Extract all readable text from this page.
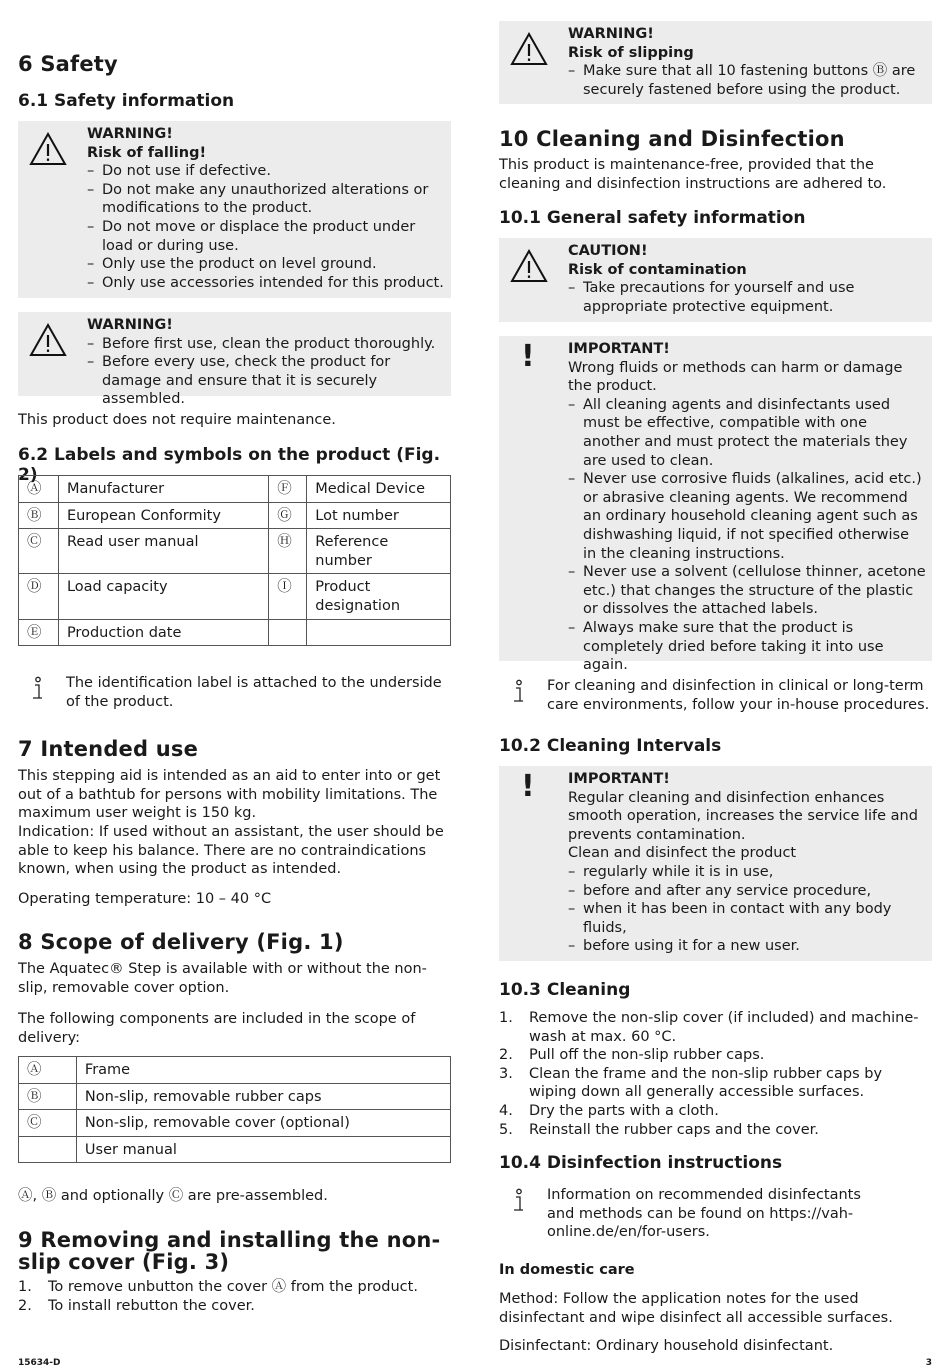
6 Safety
6.1 Safety information
WARNING!
Risk of falling!
– Do not use if defective.
– Do not make any unauthorized alterations or modifications to the product.
– Do not move or displace the product under load or during use.
– Only use the product on level ground.
– Only use accessories intended for this product.
WARNING!
– Before first use, clean the product thoroughly.
– Before every use, check the product for damage and ensure that it is securely assembled.

This product does not require maintenance.

6.2 Labels and symbols on the product (Fig. 2)
Ⓐ	Manufacturer	Ⓕ	Medical Device
Ⓑ	European Conformity	Ⓖ	Lot number
Ⓒ	Read user manual	Ⓗ	Reference number
Ⓓ	Load capacity	Ⓘ	Product designation
Ⓔ	Production date		
The identification label is attached to the underside of the product.
7 Intended use

This stepping aid is intended as an aid to enter into or get out of a bathtub for persons with mobility limitations. The maximum user weight is 150 kg.

Indication: If used without an assistant, the user should be able to keep his balance. There are no contraindications known, when using the product as intended.

Operating temperature: 10 – 40 °C

8 Scope of delivery (Fig. 1)

The Aquatec® Step is available with or without the non-slip, removable cover option.

The following components are included in the scope of delivery:

Ⓐ	Frame
Ⓑ	Non-slip, removable rubber caps
Ⓒ	Non-slip, removable cover (optional)
	User manual

Ⓐ, Ⓑ and optionally Ⓒ are pre-assembled.

9 Removing and installing the non-slip cover (Fig. 3)
1. To remove unbutton the cover Ⓐ from the product.
2. To install rebutton the cover.
WARNING!
Risk of slipping
– Make sure that all 10 fastening buttons Ⓑ are securely fastened before using the product.
10 Cleaning and Disinfection

This product is maintenance-free, provided that the cleaning and disinfection instructions are adhered to.

10.1 General safety information
CAUTION!
Risk of contamination
– Take precautions for yourself and use appropriate protective equipment.
! IMPORTANT!
Wrong fluids or methods can harm or damage the product.
– All cleaning agents and disinfectants used must be effective, compatible with one another and must protect the materials they are used to clean.
– Never use corrosive fluids (alkalines, acid etc.) or abrasive cleaning agents. We recommend an ordinary household cleaning agent such as dishwashing liquid, if not specified otherwise in the cleaning instructions.
– Never use a solvent (cellulose thinner, acetone etc.) that changes the structure of the plastic or dissolves the attached labels.
– Always make sure that the product is completely dried before taking it into use again.
For cleaning and disinfection in clinical or long-term care environments, follow your in-house procedures.
10.2 Cleaning Intervals
! IMPORTANT!
Regular cleaning and disinfection enhances smooth operation, increases the service life and prevents contamination.
Clean and disinfect the product
– regularly while it is in use,
– before and after any service procedure,
– when it has been in contact with any body fluids,
– before using it for a new user.
10.3 Cleaning
1. Remove the non-slip cover (if included) and machine-wash at max. 60 °C.
2. Pull off the non-slip rubber caps.
3. Clean the frame and the non-slip rubber caps by wiping down all generally accessible surfaces.
4. Dry the parts with a cloth.
5. Reinstall the rubber caps and the cover.
10.4 Disinfection instructions
Information on recommended disinfectants and methods can be found on https://vah-online.de/en/for-users.
In domestic care

Method: Follow the application notes for the used disinfectant and wipe disinfect all accessible surfaces.

Disinfectant: Ordinary household disinfectant.

15634-D	3
